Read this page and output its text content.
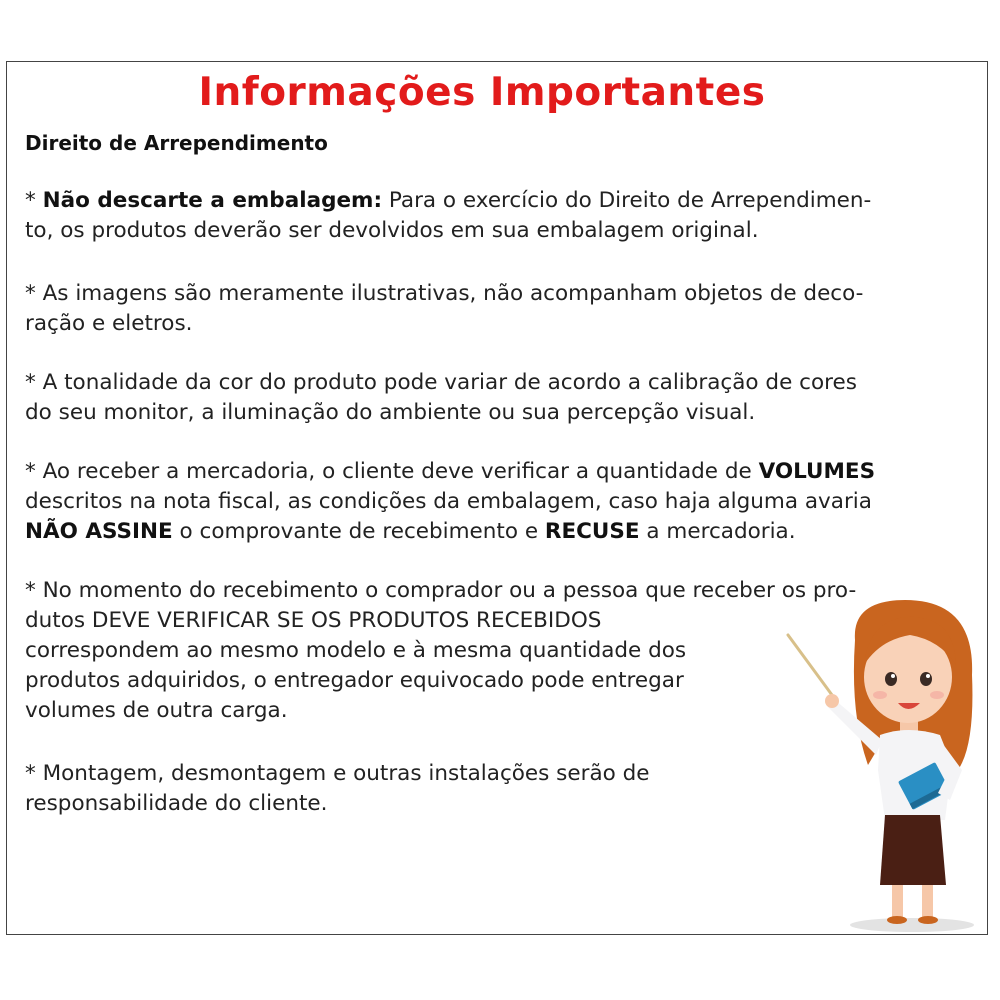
Informações Importantes
Direito de Arrependimento
* Não descarte a embalagem: Para o exercício do Direito de Arrependimen-
to, os produtos deverão ser devolvidos em sua embalagem original.
* As imagens são meramente ilustrativas, não acompanham objetos de deco-
ração e eletros.
* A tonalidade da cor do produto pode variar de acordo a calibração de cores
do seu monitor, a iluminação do ambiente ou sua percepção visual.
* Ao receber a mercadoria, o cliente deve verificar a quantidade de VOLUMES
descritos na nota fiscal, as condições da embalagem, caso haja alguma avaria
NÃO ASSINE o comprovante de recebimento e RECUSE a mercadoria.
* No momento do recebimento o comprador ou a pessoa que receber os pro-
dutos DEVE VERIFICAR SE OS PRODUTOS RECEBIDOS
correspondem ao mesmo modelo e à mesma quantidade dos
produtos adquiridos, o entregador equivocado pode entregar
volumes de outra carga.
* Montagem, desmontagem e outras instalações serão de
responsabilidade do cliente.
